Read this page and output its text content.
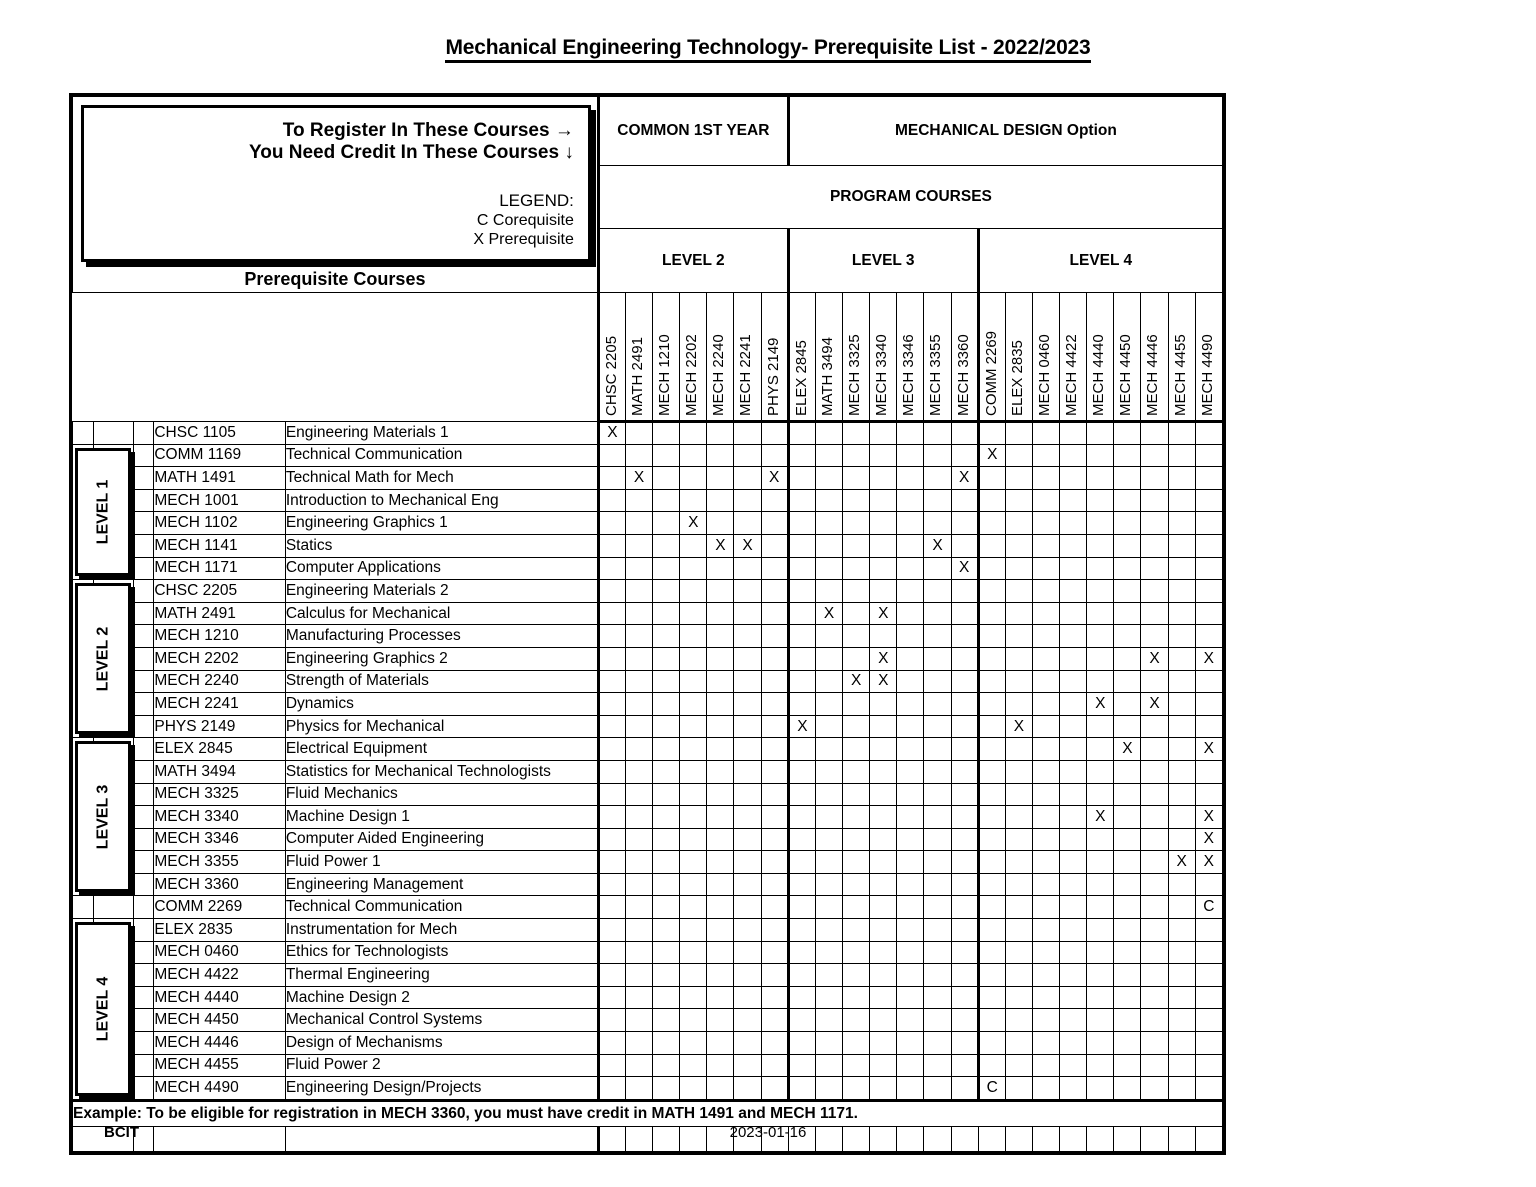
Mechanical Engineering Technology- Prerequisite List - 2022/2023
To Register In These Courses →
You Need Credit In These Courses ↓
LEGEND:
C Corequisite
X Prerequisite
Prerequisite Courses
	COMMON 1ST YEAR	MECHANICAL DESIGN Option
					PROGRAM COURSES																						
					LEVEL 2							LEVEL 3							LEVEL 4								

					CHSC 2205	MATH 2491	MECH 1210	MECH 2202	MECH 2240	MECH 2241	PHYS 2149	ELEX 2845	MATH 3494	MECH 3325	MECH 3340	MECH 3346	MECH 3355	MECH 3360	COMM 2269	ELEX 2835	MECH 0460	MECH 4422	MECH 4440	MECH 4450	MECH 4446	MECH 4455	MECH 4490

			CHSC 1105	Engineering Materials 1	X																						

LEVEL 1			COMM 1169	Technical Communication															X								
			MATH 1491	Technical Math for Mech		X					X							X									
			MECH 1001	Introduction to Mechanical Eng																							
			MECH 1102	Engineering Graphics 1				X																			
			MECH 1141	Statics					X	X							X										
			MECH 1171	Computer Applications														X									

LEVEL 2			CHSC 2205	Engineering Materials 2																							
			MATH 2491	Calculus for Mechanical									X		X												
			MECH 1210	Manufacturing Processes																							
			MECH 2202	Engineering Graphics 2											X										X		X
			MECH 2240	Strength of Materials										X	X												
			MECH 2241	Dynamics																			X		X		
			PHYS 2149	Physics for Mechanical								X								X							

LEVEL 3			ELEX 2845	Electrical Equipment																				X			X
			MATH 3494	Statistics for Mechanical Technologists																							
			MECH 3325	Fluid Mechanics																							
			MECH 3340	Machine Design 1																			X				X
			MECH 3346	Computer Aided Engineering																							X
			MECH 3355	Fluid Power 1																						X	X
			MECH 3360	Engineering Management																							
			COMM 2269	Technical Communication																							C

LEVEL 4			ELEX 2835	Instrumentation for Mech																							
			MECH 0460	Ethics for Technologists																							
			MECH 4422	Thermal Engineering																							
			MECH 4440	Machine Design 2																							
			MECH 4450	Mechanical Control Systems																							
			MECH 4446	Design of Mechanisms																							
			MECH 4455	Fluid Power 2																							
			MECH 4490	Engineering Design/Projects															C								
Example: To be eligible for registration in MECH 3360, you must have credit in MATH 1491 and MECH 1171.																											

BCIT	2023-01-16
